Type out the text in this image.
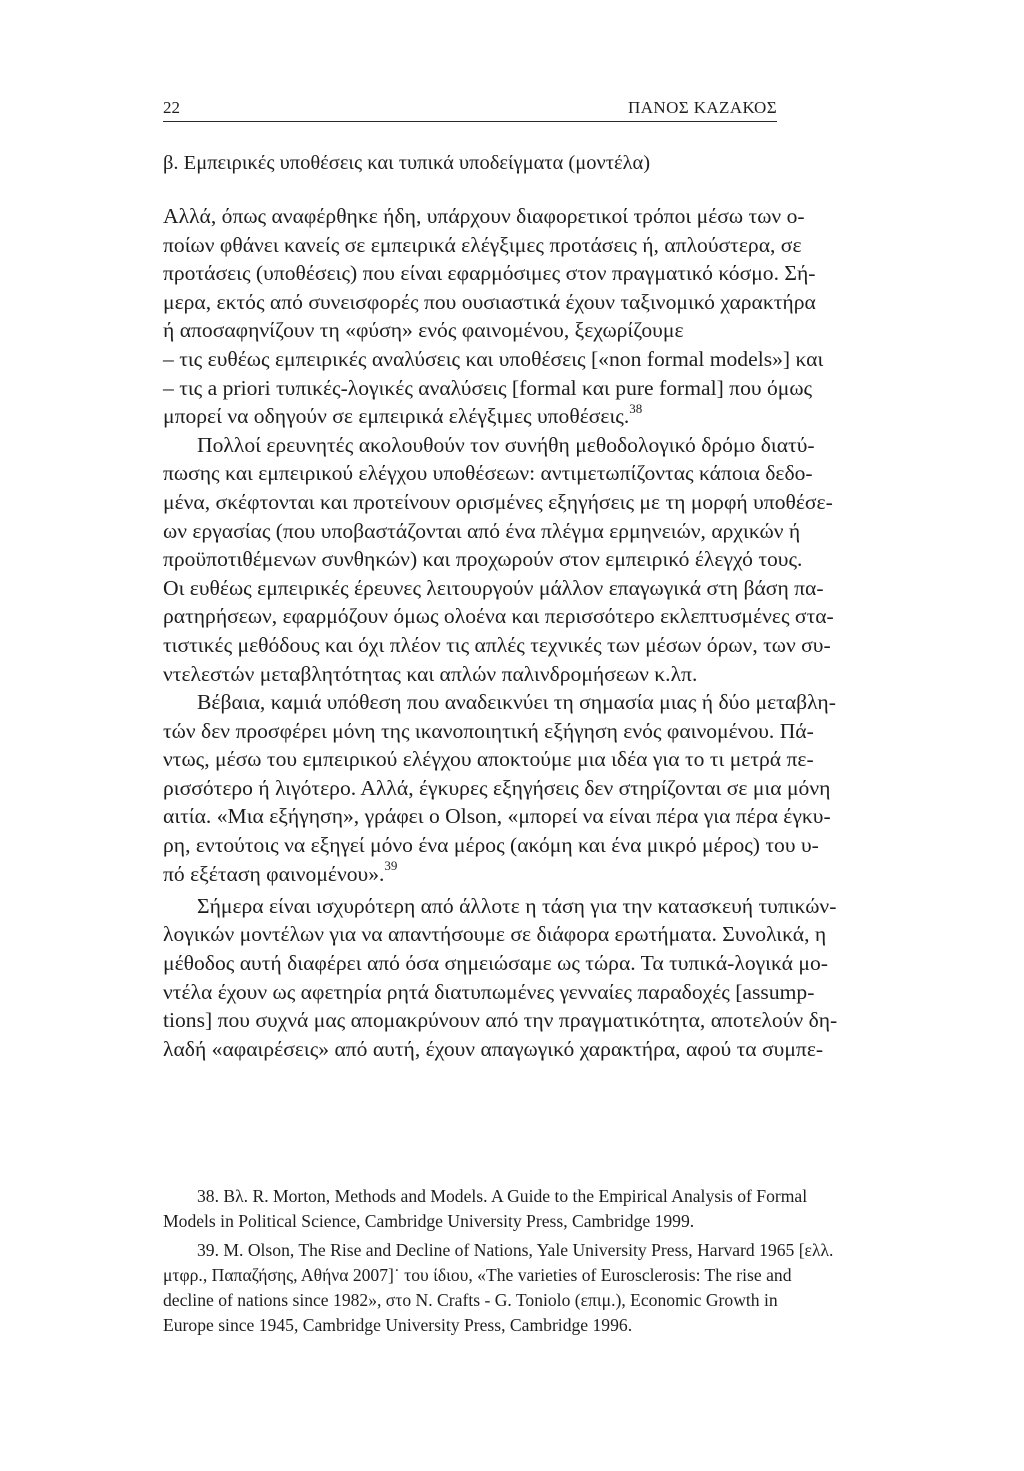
22	ΠΑΝΟΣ ΚΑΖΑΚΟΣ
β. Εμπειρικές υποθέσεις και τυπικά υποδείγματα (μοντέλα)
Αλλά, όπως αναφέρθηκε ήδη, υπάρχουν διαφορετικοί τρόποι μέσω των ο-
ποίων φθάνει κανείς σε εμπειρικά ελέγξιμες προτάσεις ή, απλούστερα, σε
προτάσεις (υποθέσεις) που είναι εφαρμόσιμες στον πραγματικό κόσμο. Σή-
μερα, εκτός από συνεισφορές που ουσιαστικά έχουν ταξινομικό χαρακτήρα
ή αποσαφηνίζουν τη «φύση» ενός φαινομένου, ξεχωρίζουμε
– τις ευθέως εμπειρικές αναλύσεις και υποθέσεις [«non formal models»] και
– τις a priori τυπικές-λογικές αναλύσεις [formal και pure formal] που όμως
μπορεί να οδηγούν σε εμπειρικά ελέγξιμες υποθέσεις.$^{38}$
Πολλοί ερευνητές ακολουθούν τον συνήθη μεθοδολογικό δρόμο διατύ-
πωσης και εμπειρικού ελέγχου υποθέσεων: αντιμετωπίζοντας κάποια δεδο-
μένα, σκέφτονται και προτείνουν ορισμένες εξηγήσεις με τη μορφή υποθέσε-
ων εργασίας (που υποβαστάζονται από ένα πλέγμα ερμηνειών, αρχικών ή
προϋποτιθέμενων συνθηκών) και προχωρούν στον εμπειρικό έλεγχό τους.
Οι ευθέως εμπειρικές έρευνες λειτουργούν μάλλον επαγωγικά στη βάση πα-
ρατηρήσεων, εφαρμόζουν όμως ολοένα και περισσότερο εκλεπτυσμένες στα-
τιστικές μεθόδους και όχι πλέον τις απλές τεχνικές των μέσων όρων, των συ-
ντελεστών μεταβλητότητας και απλών παλινδρομήσεων κ.λπ.
Βέβαια, καμιά υπόθεση που αναδεικνύει τη σημασία μιας ή δύο μεταβλη-
τών δεν προσφέρει μόνη της ικανοποιητική εξήγηση ενός φαινομένου. Πά-
ντως, μέσω του εμπειρικού ελέγχου αποκτούμε μια ιδέα για το τι μετρά πε-
ρισσότερο ή λιγότερο. Αλλά, έγκυρες εξηγήσεις δεν στηρίζονται σε μια μόνη
αιτία. «Μια εξήγηση», γράφει ο Olson, «μπορεί να είναι πέρα για πέρα έγκυ-
ρη, εντούτοις να εξηγεί μόνο ένα μέρος (ακόμη και ένα μικρό μέρος) του υ-
πό εξέταση φαινομένου».$^{39}$
Σήμερα είναι ισχυρότερη από άλλοτε η τάση για την κατασκευή τυπικών-
λογικών μοντέλων για να απαντήσουμε σε διάφορα ερωτήματα. Συνολικά, η
μέθοδος αυτή διαφέρει από όσα σημειώσαμε ως τώρα. Τα τυπικά-λογικά μο-
ντέλα έχουν ως αφετηρία ρητά διατυπωμένες γενναίες παραδοχές [assump-
tions] που συχνά μας απομακρύνουν από την πραγματικότητα, αποτελούν δη-
λαδή «αφαιρέσεις» από αυτή, έχουν απαγωγικό χαρακτήρα, αφού τα συμπε-
38. Βλ. R. Morton, Methods and Models. A Guide to the Empirical Analysis of Formal
Models in Political Science, Cambridge University Press, Cambridge 1999.
39. M. Olson, The Rise and Decline of Nations, Yale University Press, Harvard 1965 [ελλ.
μτφρ., Παπαζήσης, Αθήνα 2007]˙ του ίδιου, «The varieties of Eurosclerosis: The rise and
decline of nations since 1982», στο N. Crafts - G. Toniolo (επιμ.), Economic Growth in
Europe since 1945, Cambridge University Press, Cambridge 1996.
